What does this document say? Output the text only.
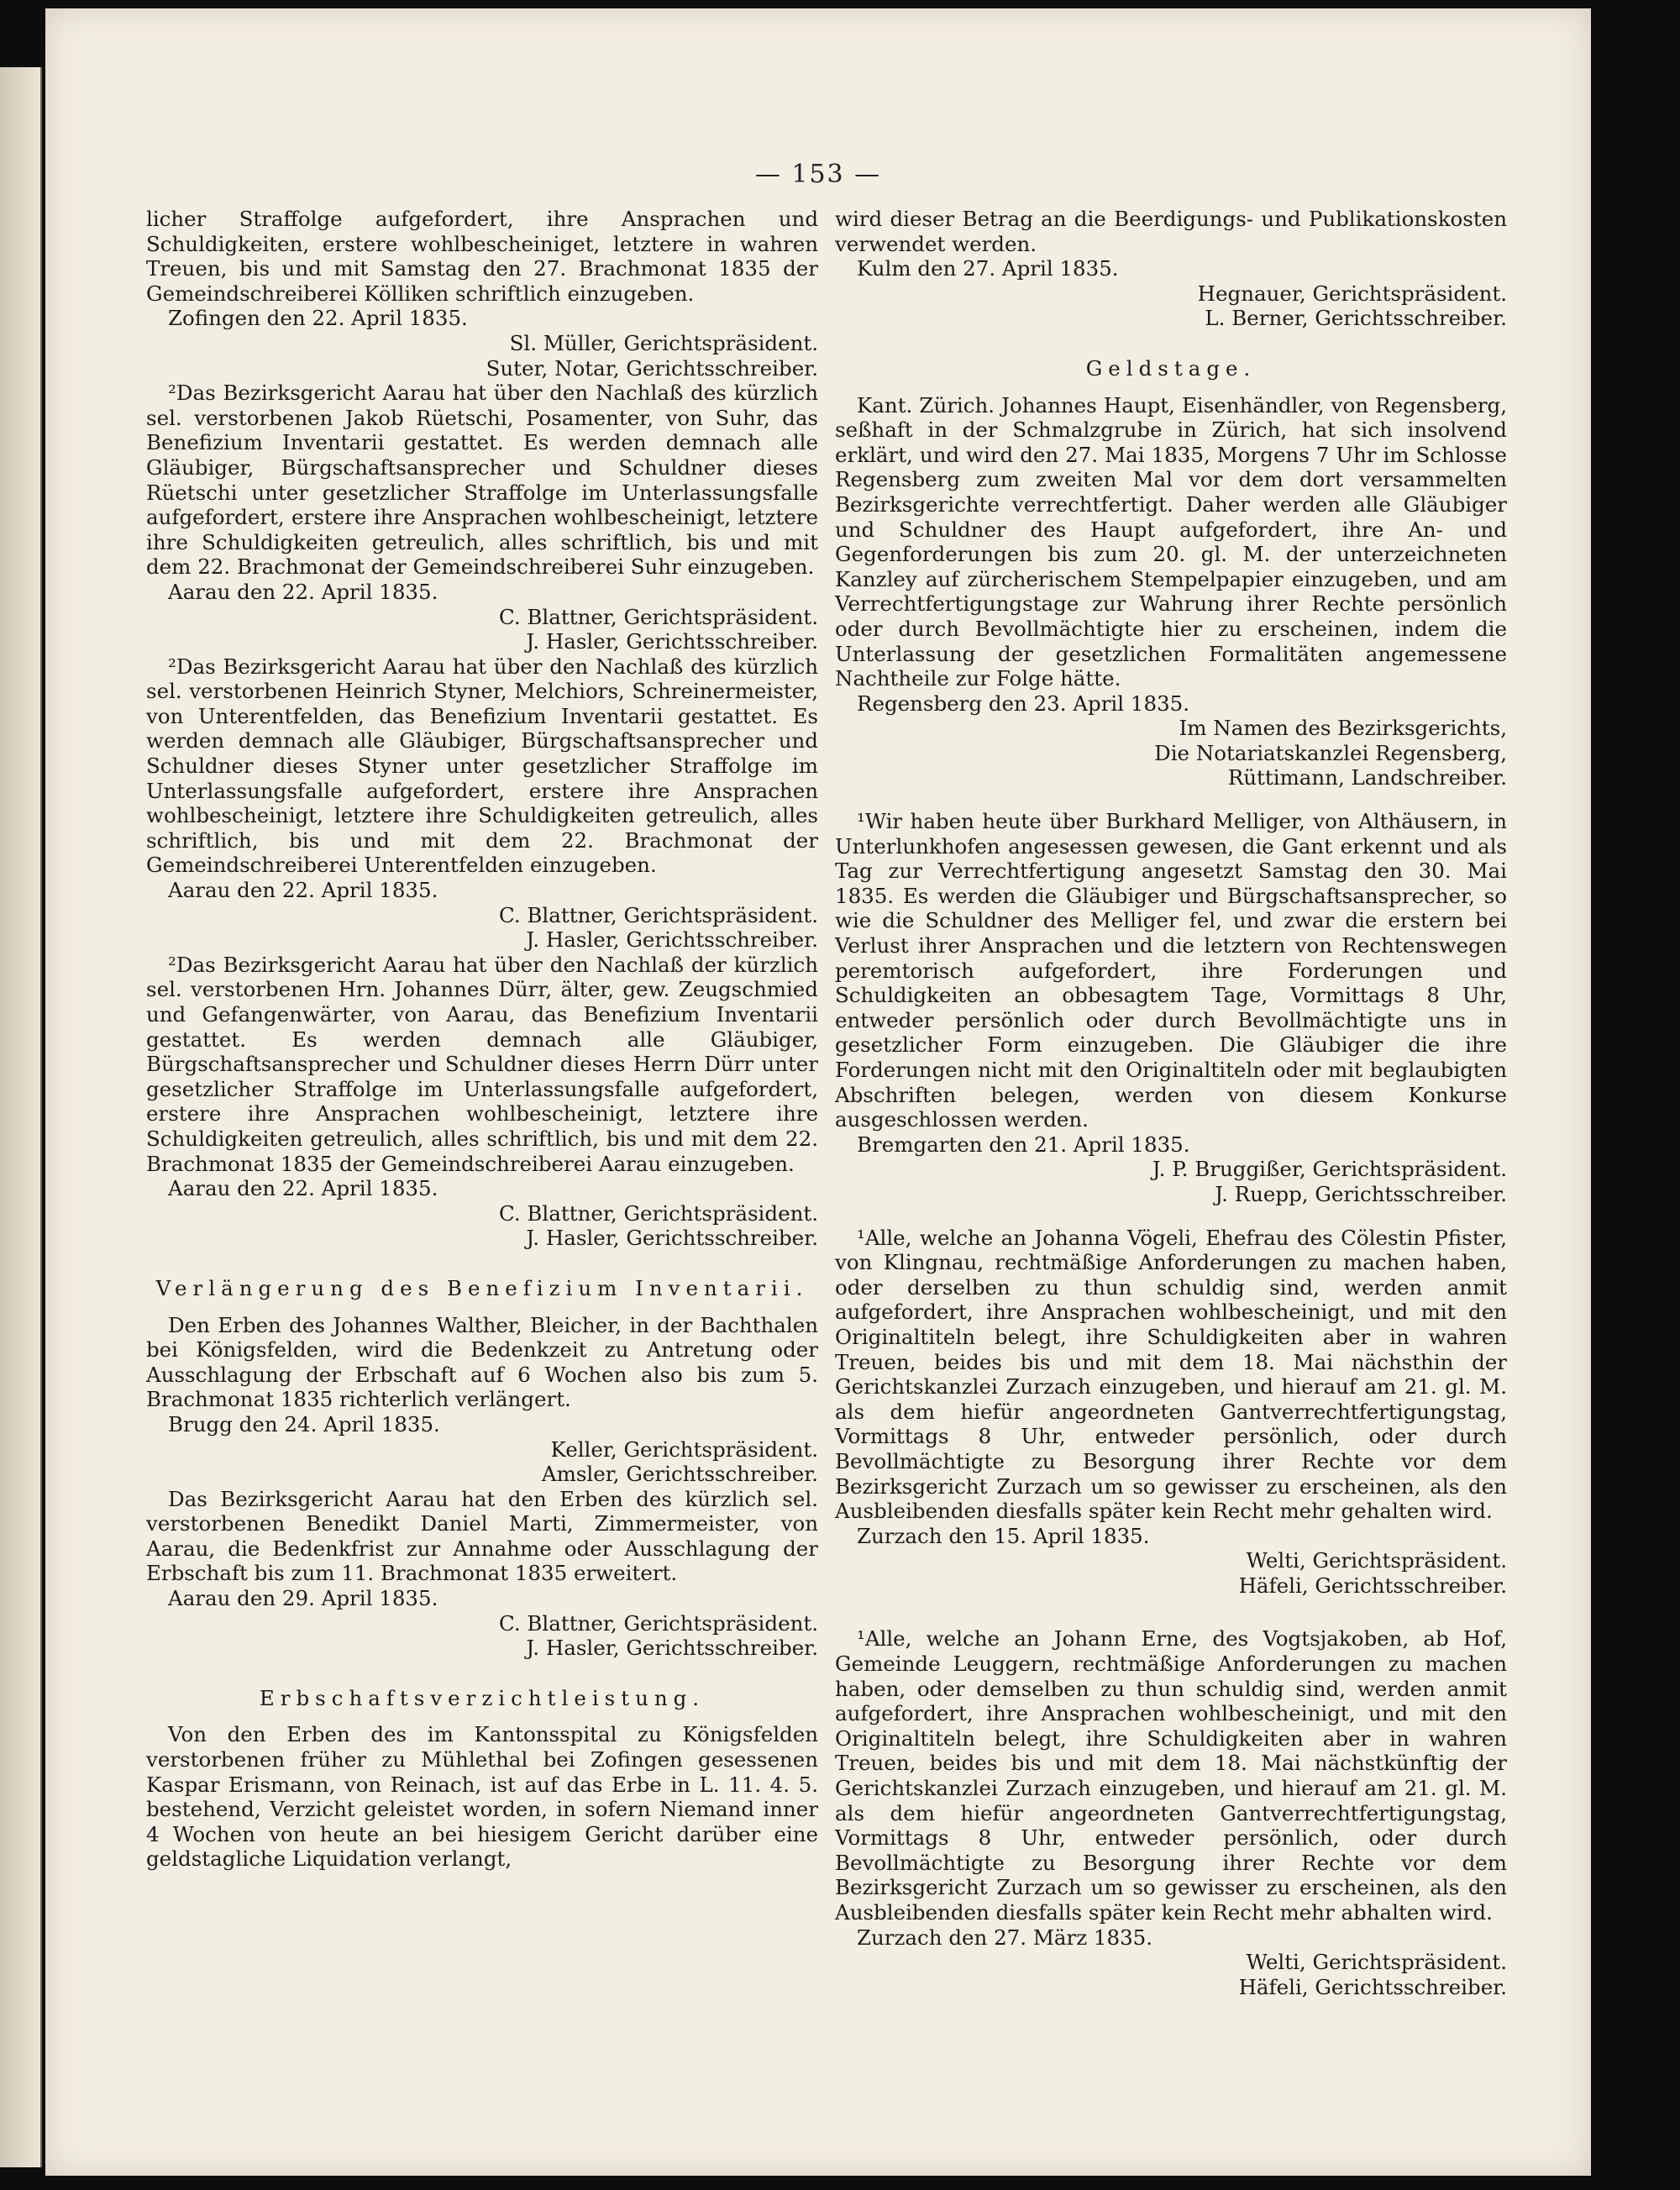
— 153 —

licher Straffolge aufgefordert, ihre Ansprachen und Schuldigkeiten, erstere wohlbescheiniget, letztere in wahren Treuen, bis und mit Samstag den 27. Brachmonat 1835 der Gemeindschreiberei Kölliken schriftlich einzugeben.

Zofingen den 22. April 1835.

Sl. Müller, Gerichtspräsident.

Suter, Notar, Gerichtsschreiber.

²Das Bezirksgericht Aarau hat über den Nachlaß des kürzlich sel. verstorbenen Jakob Rüetschi, Posamenter, von Suhr, das Benefizium Inventarii gestattet. Es werden demnach alle Gläubiger, Bürgschaftsansprecher und Schuldner dieses Rüetschi unter gesetzlicher Straffolge im Unterlassungsfalle aufgefordert, erstere ihre Ansprachen wohlbescheinigt, letztere ihre Schuldigkeiten getreulich, alles schriftlich, bis und mit dem 22. Brachmonat der Gemeindschreiberei Suhr einzugeben.

Aarau den 22. April 1835.

C. Blattner, Gerichtspräsident.

J. Hasler, Gerichtsschreiber.

²Das Bezirksgericht Aarau hat über den Nachlaß des kürzlich sel. verstorbenen Heinrich Styner, Melchiors, Schreinermeister, von Unterentfelden, das Benefizium Inventarii gestattet. Es werden demnach alle Gläubiger, Bürgschaftsansprecher und Schuldner dieses Styner unter gesetzlicher Straffolge im Unterlassungsfalle aufgefordert, erstere ihre Ansprachen wohlbescheinigt, letztere ihre Schuldigkeiten getreulich, alles schriftlich, bis und mit dem 22. Brachmonat der Gemeindschreiberei Unterentfelden einzugeben.

Aarau den 22. April 1835.

C. Blattner, Gerichtspräsident.

J. Hasler, Gerichtsschreiber.

²Das Bezirksgericht Aarau hat über den Nachlaß der kürzlich sel. verstorbenen Hrn. Johannes Dürr, älter, gew. Zeugschmied und Gefangenwärter, von Aarau, das Benefizium Inventarii gestattet. Es werden demnach alle Gläubiger, Bürgschaftsansprecher und Schuldner dieses Herrn Dürr unter gesetzlicher Straffolge im Unterlassungsfalle aufgefordert, erstere ihre Ansprachen wohlbescheinigt, letztere ihre Schuldigkeiten getreulich, alles schriftlich, bis und mit dem 22. Brachmonat 1835 der Gemeindschreiberei Aarau einzugeben.

Aarau den 22. April 1835.

C. Blattner, Gerichtspräsident.

J. Hasler, Gerichtsschreiber.

Verlängerung des Benefizium Inventarii.

Den Erben des Johannes Walther, Bleicher, in der Bachthalen bei Königsfelden, wird die Bedenkzeit zu Antretung oder Ausschlagung der Erbschaft auf 6 Wochen also bis zum 5. Brachmonat 1835 richterlich verlängert.

Brugg den 24. April 1835.

Keller, Gerichtspräsident.

Amsler, Gerichtsschreiber.

Das Bezirksgericht Aarau hat den Erben des kürzlich sel. verstorbenen Benedikt Daniel Marti, Zimmermeister, von Aarau, die Bedenkfrist zur Annahme oder Ausschlagung der Erbschaft bis zum 11. Brachmonat 1835 erweitert.

Aarau den 29. April 1835.

C. Blattner, Gerichtspräsident.

J. Hasler, Gerichtsschreiber.

Erbschaftsverzichtleistung.

Von den Erben des im Kantonsspital zu Königsfelden verstorbenen früher zu Mühlethal bei Zofingen gesessenen Kaspar Erismann, von Reinach, ist auf das Erbe in L. 11. 4. 5. bestehend, Verzicht geleistet worden, in sofern Niemand inner 4 Wochen von heute an bei hiesigem Gericht darüber eine geldstagliche Liquidation verlangt,

wird dieser Betrag an die Beerdigungs- und Publikationskosten verwendet werden.

Kulm den 27. April 1835.

Hegnauer, Gerichtspräsident.

L. Berner, Gerichtsschreiber.

Geldstage.

Kant. Zürich. Johannes Haupt, Eisenhändler, von Regensberg, seßhaft in der Schmalzgrube in Zürich, hat sich insolvend erklärt, und wird den 27. Mai 1835, Morgens 7 Uhr im Schlosse Regensberg zum zweiten Mal vor dem dort versammelten Bezirksgerichte verrechtfertigt. Daher werden alle Gläubiger und Schuldner des Haupt aufgefordert, ihre An- und Gegenforderungen bis zum 20. gl. M. der unterzeichneten Kanzley auf zürcherischem Stempelpapier einzugeben, und am Verrechtfertigungstage zur Wahrung ihrer Rechte persönlich oder durch Bevollmächtigte hier zu erscheinen, indem die Unterlassung der gesetzlichen Formalitäten angemessene Nachtheile zur Folge hätte.

Regensberg den 23. April 1835.

Im Namen des Bezirksgerichts,

Die Notariatskanzlei Regensberg,

Rüttimann, Landschreiber.

¹Wir haben heute über Burkhard Melliger, von Althäusern, in Unterlunkhofen angesessen gewesen, die Gant erkennt und als Tag zur Verrechtfertigung angesetzt Samstag den 30. Mai 1835. Es werden die Gläubiger und Bürgschaftsansprecher, so wie die Schuldner des Melliger fel, und zwar die erstern bei Verlust ihrer Ansprachen und die letztern von Rechtenswegen peremtorisch aufgefordert, ihre Forderungen und Schuldigkeiten an obbesagtem Tage, Vormittags 8 Uhr, entweder persönlich oder durch Bevollmächtigte uns in gesetzlicher Form einzugeben. Die Gläubiger die ihre Forderungen nicht mit den Originaltiteln oder mit beglaubigten Abschriften belegen, werden von diesem Konkurse ausgeschlossen werden.

Bremgarten den 21. April 1835.

J. P. Bruggißer, Gerichtspräsident.

J. Ruepp, Gerichtsschreiber.

¹Alle, welche an Johanna Vögeli, Ehefrau des Cölestin Pfister, von Klingnau, rechtmäßige Anforderungen zu machen haben, oder derselben zu thun schuldig sind, werden anmit aufgefordert, ihre Ansprachen wohlbescheinigt, und mit den Originaltiteln belegt, ihre Schuldigkeiten aber in wahren Treuen, beides bis und mit dem 18. Mai nächsthin der Gerichtskanzlei Zurzach einzugeben, und hierauf am 21. gl. M. als dem hiefür angeordneten Gantverrechtfertigungstag, Vormittags 8 Uhr, entweder persönlich, oder durch Bevollmächtigte zu Besorgung ihrer Rechte vor dem Bezirksgericht Zurzach um so gewisser zu erscheinen, als den Ausbleibenden diesfalls später kein Recht mehr gehalten wird.

Zurzach den 15. April 1835.

Welti, Gerichtspräsident.

Häfeli, Gerichtsschreiber.

¹Alle, welche an Johann Erne, des Vogtsjakoben, ab Hof, Gemeinde Leuggern, rechtmäßige Anforderungen zu machen haben, oder demselben zu thun schuldig sind, werden anmit aufgefordert, ihre Ansprachen wohlbescheinigt, und mit den Originaltiteln belegt, ihre Schuldigkeiten aber in wahren Treuen, beides bis und mit dem 18. Mai nächstkünftig der Gerichtskanzlei Zurzach einzugeben, und hierauf am 21. gl. M. als dem hiefür angeordneten Gantverrechtfertigungstag, Vormittags 8 Uhr, entweder persönlich, oder durch Bevollmächtigte zu Besorgung ihrer Rechte vor dem Bezirksgericht Zurzach um so gewisser zu erscheinen, als den Ausbleibenden diesfalls später kein Recht mehr abhalten wird.

Zurzach den 27. März 1835.

Welti, Gerichtspräsident.

Häfeli, Gerichtsschreiber.
